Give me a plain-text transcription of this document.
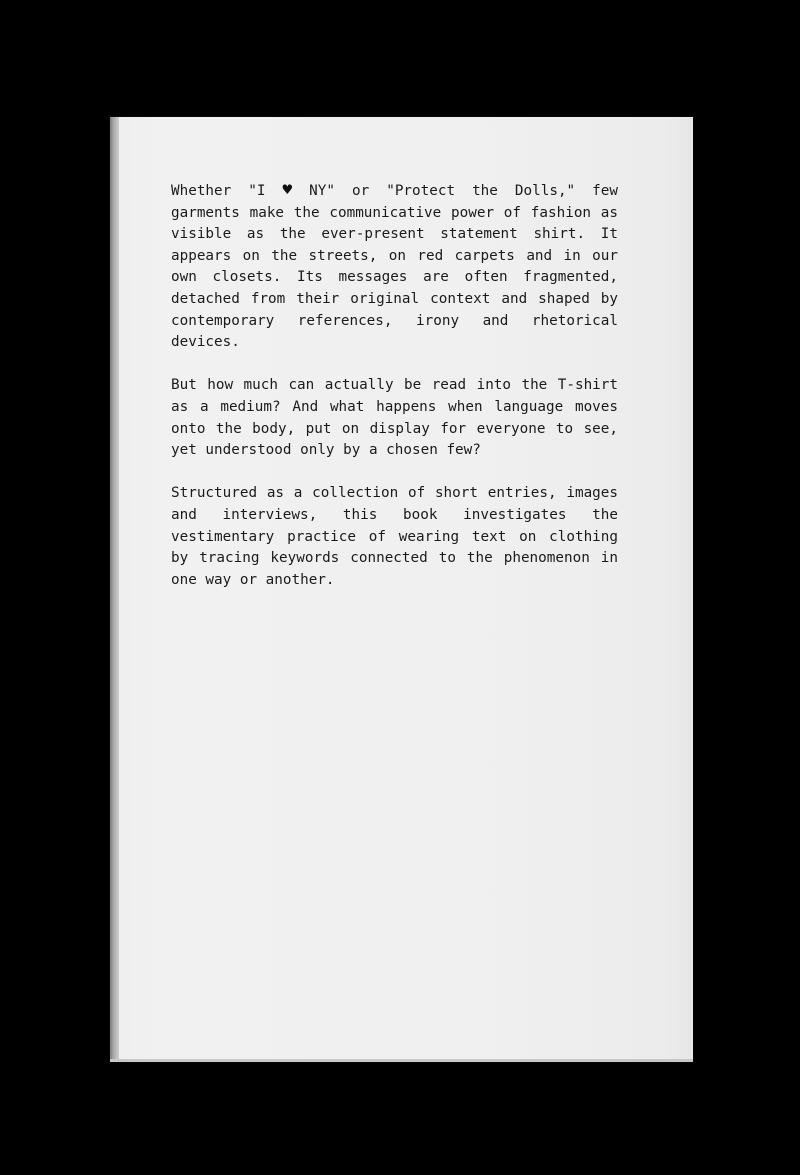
Whether "I ♥ NY" or "Protect the Dolls," few garments make the communicative power of fashion as visible as the ever-present statement shirt. It appears on the streets, on red carpets and in our own closets. Its messages are often fragmented, detached from their original context and shaped by contemporary references, irony and rhetorical devices.

But how much can actually be read into the T-shirt as a medium? And what happens when language moves onto the body, put on display for everyone to see, yet understood only by a chosen few?

Structured as a collection of short entries, images and interviews, this book investigates the vestimentary practice of wearing text on clothing by tracing keywords connected to the phenomenon in one way or another.
